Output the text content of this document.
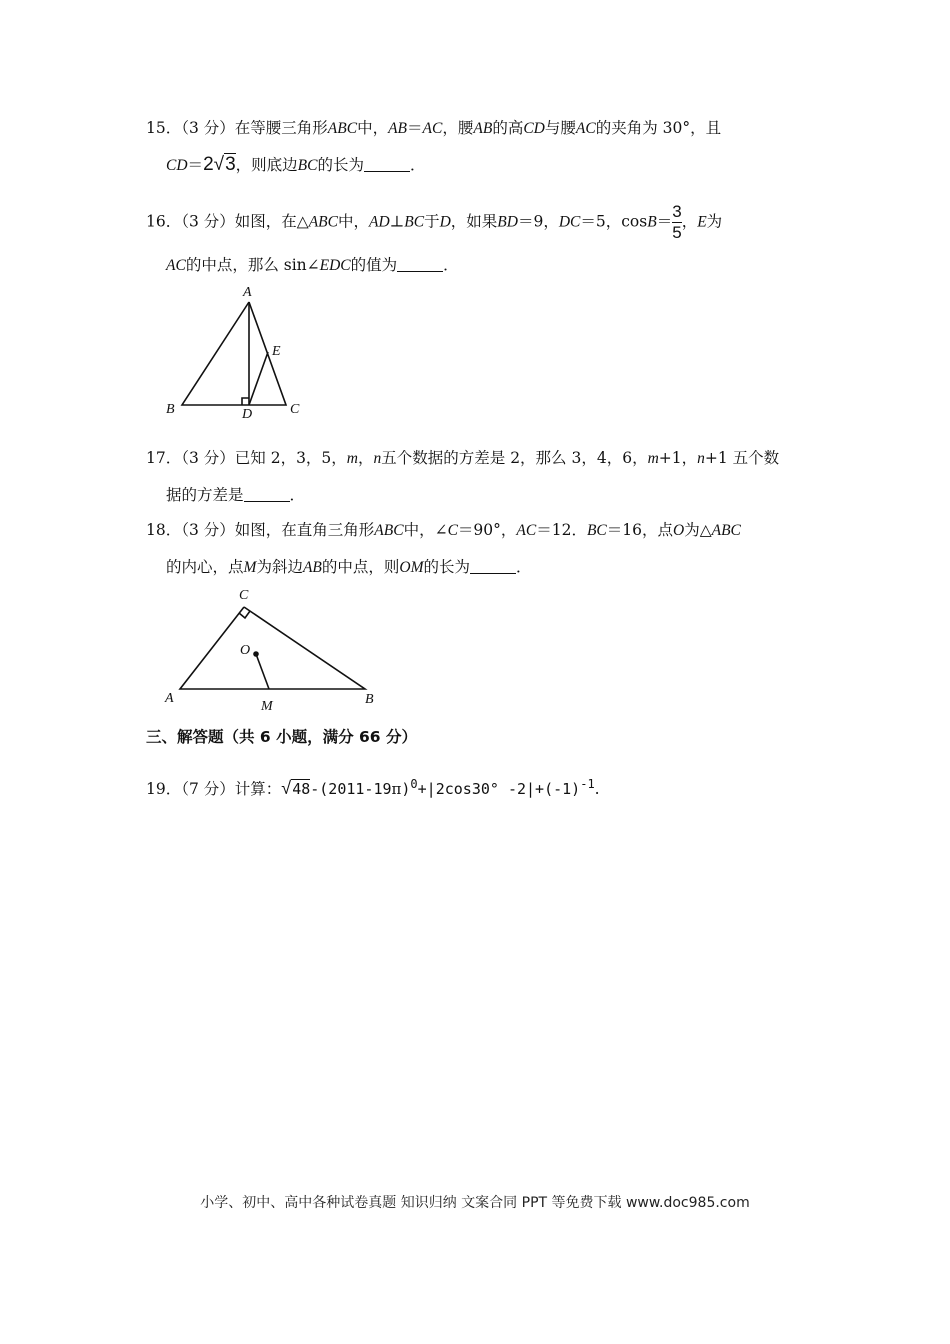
15．（3 分）在等腰三角形ABC中，AB＝AC，腰AB的高CD与腰AC的夹角为 30°，且
CD＝2√3，则底边BC的长为	．
16．（3 分）如图，在△ABC中，AD⊥BC于D，如果BD＝9，DC＝5，$\cos B= \frac{3}{5}$ ，E为
AC的中点，那么 sin∠EDC的值为	．
A
E
B	D	C
17．（3 分）已知 2，3，5，m，n五个数据的方差是 2，那么 3，4，6，m+1，n+1 五个数
据的方差是	．
18．（3 分）如图，在直角三角形ABC中，∠C＝90°，AC＝12．BC＝16，点O为△ABC
的内心，点M为斜边AB的中点，则OM的长为	．
C
O
A
M	B
三、解答题（共 6 小题，满分 66 分）
19．（7 分）计算：$√48-(2011-19\pi)^0+|2\cos 30^\circ$ $-2|+(-1)^{-1}$.
小学、初中、高中各种试卷真题 知识归纳 文案合同 PPT 等免费下载 www.doc985.com
